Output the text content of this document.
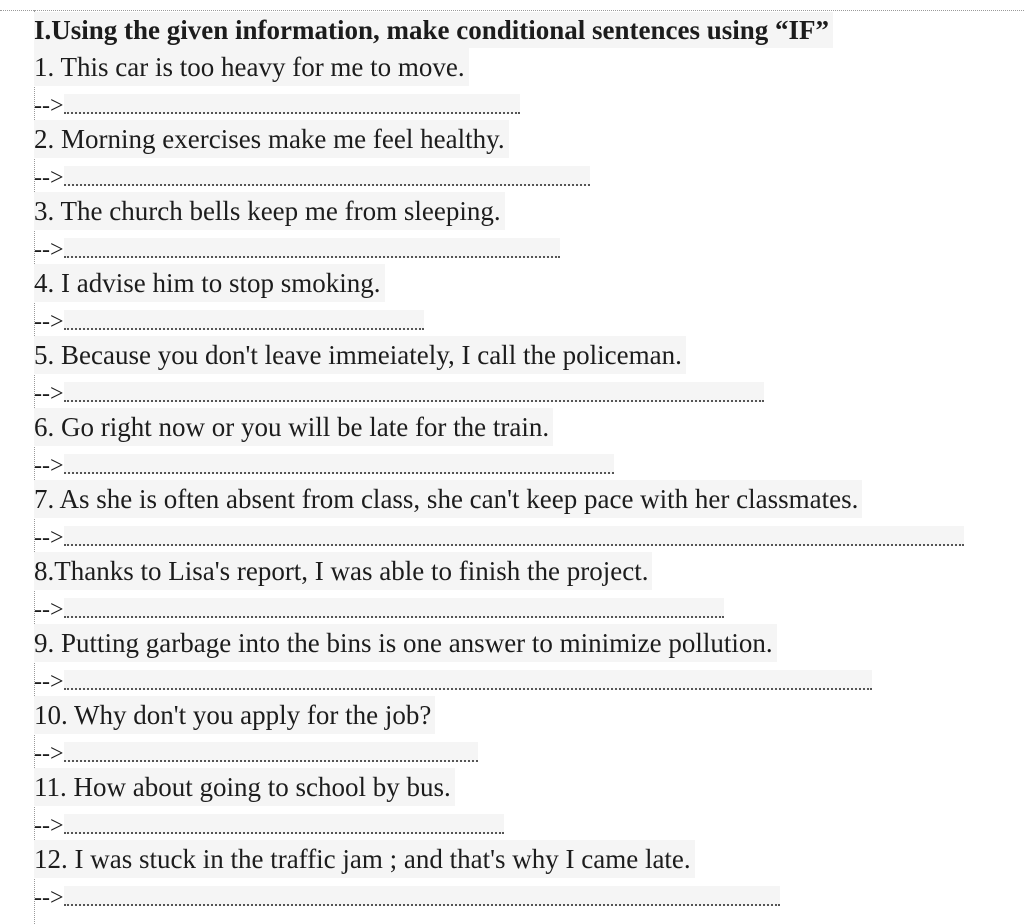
I.Using the given information, make conditional sentences using “IF”
1. This car is too heavy for me to move.
-->
2. Morning exercises make me feel healthy.
-->
3. The church bells keep me from sleeping.
-->
4. I advise him to stop smoking.
-->
5. Because you don't leave immeiately, I call the policeman.
-->
6. Go right now or you will be late for the train.
-->
7. As she is often absent from class, she can't keep pace with her classmates.
-->
8.Thanks to Lisa's report, I was able to finish the project.
-->
9. Putting garbage into the bins is one answer to minimize pollution.
-->
10. Why don't you apply for the job?
-->
11. How about going to school by bus.
-->
12. I was stuck in the traffic jam ; and that's why I came late.
-->
